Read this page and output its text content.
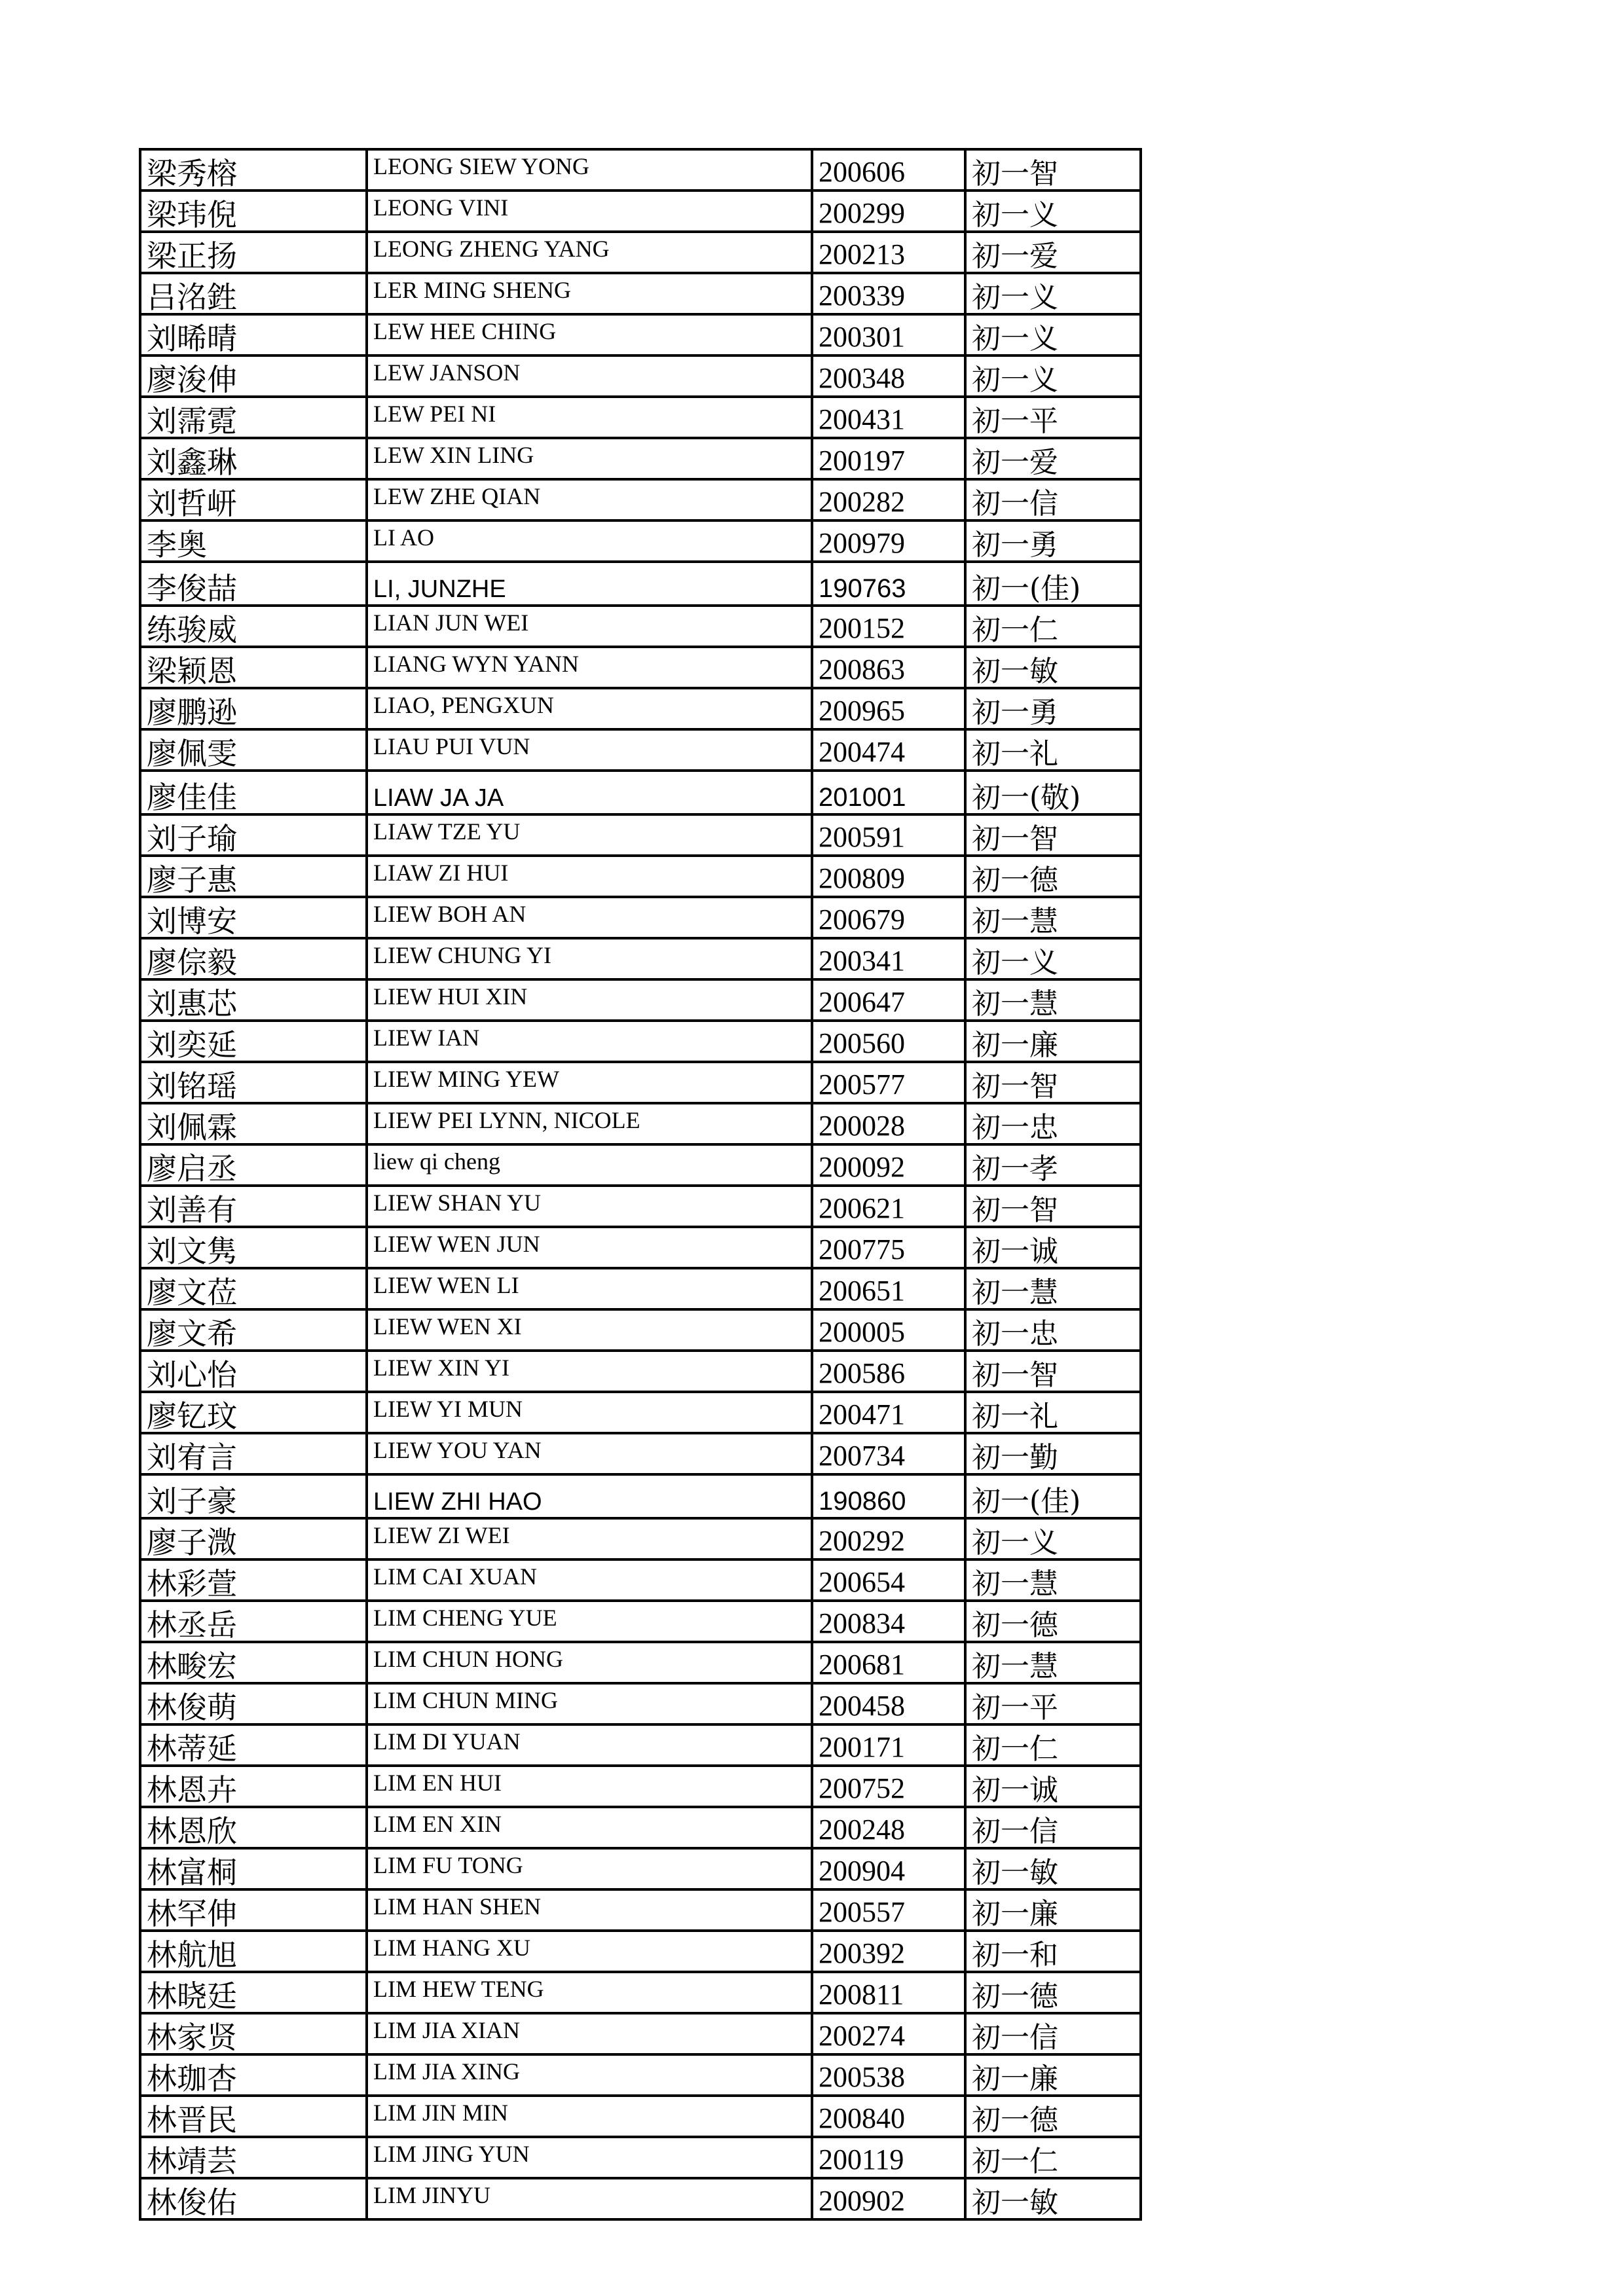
梁秀榕	LEONG SIEW YONG	200606	初一智
梁玮倪	LEONG VINI	200299	初一义
梁正扬	LEONG ZHENG YANG	200213	初一爱
吕洺鉎	LER MING SHENG	200339	初一义
刘晞晴	LEW HEE CHING	200301	初一义
廖浚伸	LEW JANSON	200348	初一义
刘霈霓	LEW PEI NI	200431	初一平
刘鑫琳	LEW XIN LING	200197	初一爱
刘哲岍	LEW ZHE QIAN	200282	初一信
李奥	LI AO	200979	初一勇
李俊喆	LI, JUNZHE	190763	初一(佳)
练骏威	LIAN JUN WEI	200152	初一仁
梁颖恩	LIANG WYN YANN	200863	初一敏
廖鹏逊	LIAO, PENGXUN	200965	初一勇
廖佩雯	LIAU PUI VUN	200474	初一礼
廖佳佳	LIAW JA JA	201001	初一(敬)
刘子瑜	LIAW TZE YU	200591	初一智
廖子惠	LIAW ZI HUI	200809	初一德
刘博安	LIEW BOH AN	200679	初一慧
廖倧毅	LIEW CHUNG YI	200341	初一义
刘惠芯	LIEW HUI XIN	200647	初一慧
刘奕延	LIEW IAN	200560	初一廉
刘铭瑶	LIEW MING YEW	200577	初一智
刘佩霖	LIEW PEI LYNN, NICOLE	200028	初一忠
廖启丞	liew qi cheng	200092	初一孝
刘善有	LIEW SHAN YU	200621	初一智
刘文隽	LIEW WEN JUN	200775	初一诚
廖文莅	LIEW WEN LI	200651	初一慧
廖文希	LIEW WEN XI	200005	初一忠
刘心怡	LIEW XIN YI	200586	初一智
廖钇玟	LIEW YI MUN	200471	初一礼
刘宥言	LIEW YOU YAN	200734	初一勤
刘子豪	LIEW ZHI HAO	190860	初一(佳)
廖子溦	LIEW ZI WEI	200292	初一义
林彩萱	LIM CAI XUAN	200654	初一慧
林丞岳	LIM CHENG YUE	200834	初一德
林畯宏	LIM CHUN HONG	200681	初一慧
林俊萌	LIM CHUN MING	200458	初一平
林蒂延	LIM DI YUAN	200171	初一仁
林恩卉	LIM EN HUI	200752	初一诚
林恩欣	LIM EN XIN	200248	初一信
林富桐	LIM FU TONG	200904	初一敏
林罕伸	LIM HAN SHEN	200557	初一廉
林航旭	LIM HANG XU	200392	初一和
林晓廷	LIM HEW TENG	200811	初一德
林家贤	LIM JIA XIAN	200274	初一信
林珈杏	LIM JIA XING	200538	初一廉
林晋民	LIM JIN MIN	200840	初一德
林靖芸	LIM JING YUN	200119	初一仁
林俊佑	LIM JINYU	200902	初一敏
